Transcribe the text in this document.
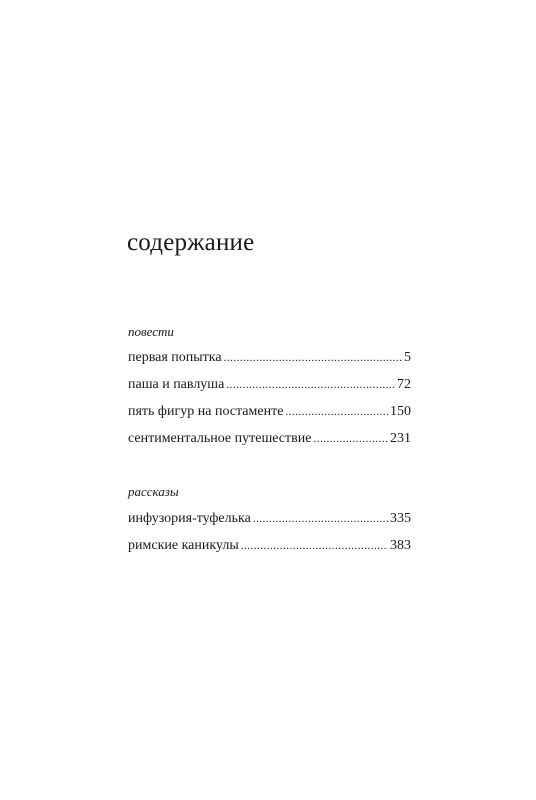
содержание
повести
первая попытка .....	5
паша и павлуша .....	72
пять фигур на постаменте .....	150
сентиментальное путешествие .....	231
рассказы
инфузория-туфелька .....	335
римские каникулы .....	383
